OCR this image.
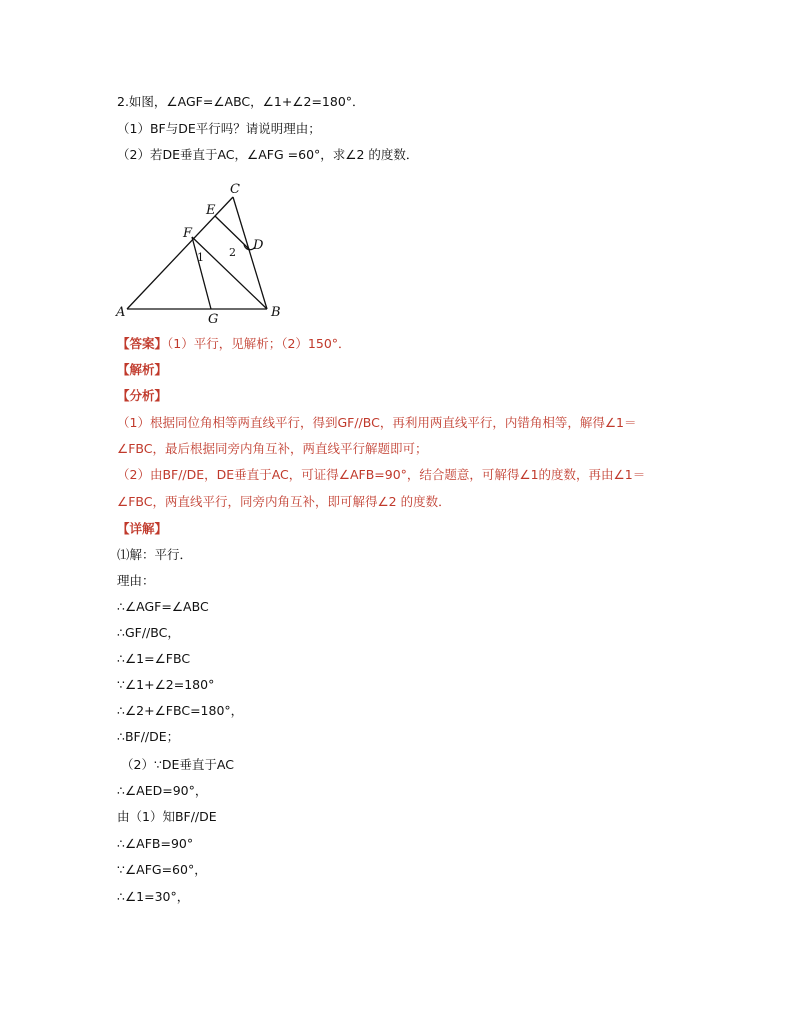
2.如图，∠AGF=∠ABC，∠1+∠2=180°．
（1）BF与DE平行吗？请说明理由；
（2）若DE垂直于AC，∠AFG =60°，求∠2 的度数．
C
E
F
D
1 2
A	G	B
【答案】（1）平行，见解析；（2）150°．
【解析】
【分析】
（1）根据同位角相等两直线平行，得到GF//BC，再利用两直线平行，内错角相等，解得∠1＝
∠FBC，最后根据同旁内角互补，两直线平行解题即可；
（2）由BF//DE，DE垂直于AC，可证得∠AFB=90°，结合题意，可解得∠1的度数，再由∠1＝
∠FBC，两直线平行，同旁内角互补，即可解得∠2 的度数．
【详解】
⑴解：平行．
理由：
∴∠AGF=∠ABC
∴GF//BC，
∴∠1=∠FBC
∵∠1+∠2=180°
∴∠2+∠FBC=180°，
∴BF//DE；
（2）∵DE垂直于AC
∴∠AED=90°，
由（1）知BF//DE
∴∠AFB=90°
∵∠AFG=60°，
∴∠1=30°，
